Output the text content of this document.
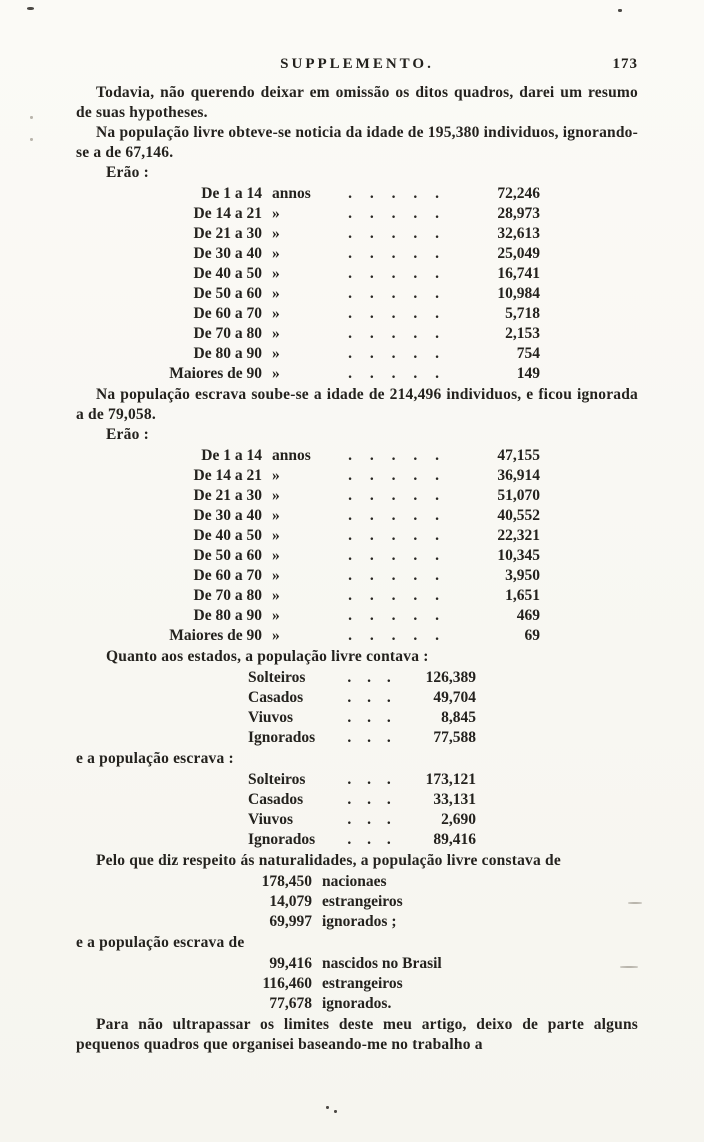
SUPPLEMENTO.	173

Todavia, não querendo deixar em omissão os ditos quadros, darei um resumo de suas hypotheses.

Na população livre obteve-se noticia da idade de 195,380 individuos, ignorando-se a de 67,146.

Erão :

De 1 a 14	annos	. . . . .	72,246
De 14 a 21	»	. . . . .	28,973
De 21 a 30	»	. . . . .	32,613
De 30 a 40	»	. . . . .	25,049
De 40 a 50	»	. . . . .	16,741
De 50 a 60	»	. . . . .	10,984
De 60 a 70	»	. . . . .	5,718
De 70 a 80	»	. . . . .	2,153
De 80 a 90	»	. . . . .	754
Maiores de 90	»	. . . . .	149

Na população escrava soube-se a idade de 214,496 individuos, e ficou ignorada a de 79,058.

Erão :

De 1 a 14	annos	. . . . .	47,155
De 14 a 21	»	. . . . .	36,914
De 21 a 30	»	. . . . .	51,070
De 30 a 40	»	. . . . .	40,552
De 40 a 50	»	. . . . .	22,321
De 50 a 60	»	. . . . .	10,345
De 60 a 70	»	. . . . .	3,950
De 70 a 80	»	. . . . .	1,651
De 80 a 90	»	. . . . .	469
Maiores de 90	»	. . . . .	69

Quanto aos estados, a população livre contava :

Solteiros	. . .	126,389
Casados	. . .	49,704
Viuvos	. . .	8,845
Ignorados	. . .	77,588

e a população escrava :

Solteiros	. . .	173,121
Casados	. . .	33,131
Viuvos	. . .	2,690
Ignorados	. . .	89,416

Pelo que diz respeito ás naturalidades, a população livre constava de

178,450	nacionaes
14,079	estrangeiros
69,997	ignorados ;

e a população escrava de

99,416	nascidos no Brasil
116,460	estrangeiros
77,678	ignorados.

Para não ultrapassar os limites deste meu artigo, deixo de parte alguns pequenos quadros que organisei baseando-me no trabalho a
